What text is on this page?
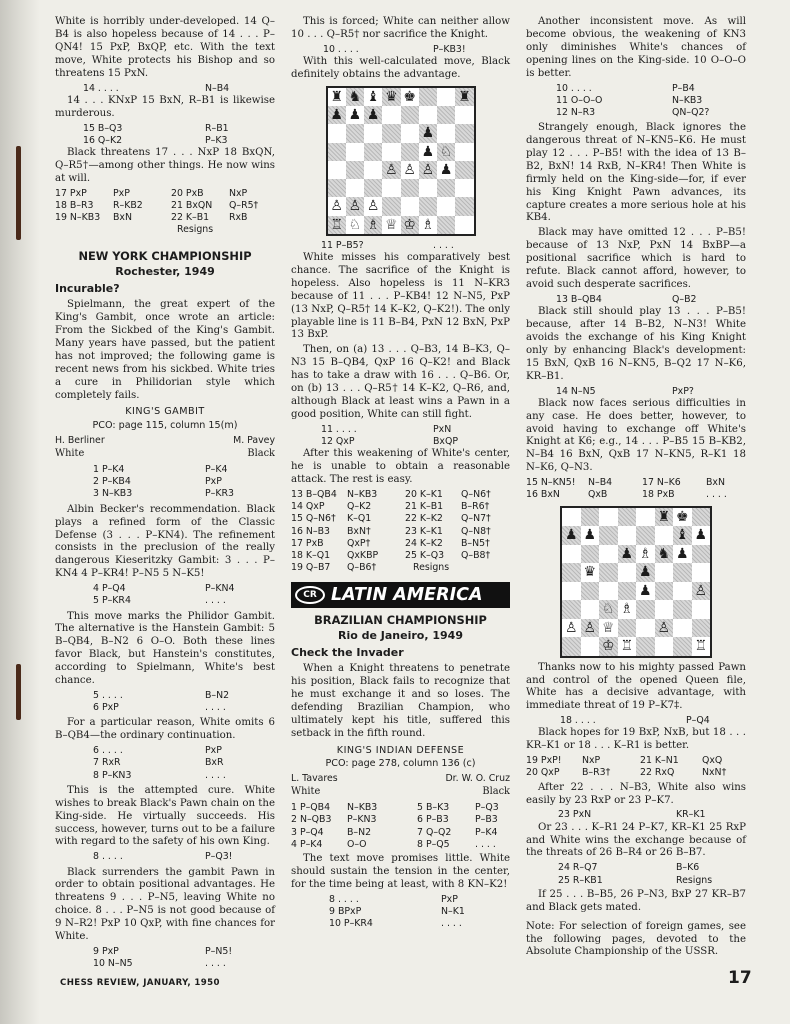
White is horribly under-developed. 14 Q–B4 is also hopeless because of 14 . . . P–QN4! 15 PxP, BxQP, etc. With the text move, White protects his Bishop and so threatens 15 PxN.

14 . . . .	N–B4

14 . . . KNxP 15 BxN, R–B1 is likewise murderous.

15 B–Q3	R–B1
16 Q–K2	P–K3

Black threatens 17 . . . NxP 18 BxQN, Q–R5†—among other things. He now wins at will.

17 PxP	PxP	20 PxB	NxP
18 B–R3	R–KB2	21 BxQN	Q–R5†
19 N–KB3	BxN	22 K–B1	RxB
Resigns
NEW YORK CHAMPIONSHIP
Rochester, 1949
Incurable?

Spielmann, the great expert of the King's Gambit, once wrote an article: From the Sickbed of the King's Gambit. Many years have passed, but the patient has not improved; the following game is recent news from his sickbed. White tries a cure in Philidorian style which completely fails.

KING'S GAMBIT
PCO: page 115, column 15(m)
H. Berliner	M. Pavey
White	Black
1 P–K4	P–K4
2 P–KB4	PxP
3 N–KB3	P–KR3

Albin Becker's recommendation. Black plays a refined form of the Classic Defense (3 . . . P–KN4). The refinement consists in the preclusion of the really dangerous Kieseritzky Gambit: 3 . . . P–KN4 4 P–KR4! P–N5 5 N–K5!

4 P–Q4	P–KN4
5 P–KR4	. . . .

This move marks the Philidor Gambit. The alternative is the Hanstein Gambit: 5 B–QB4, B–N2 6 O–O. Both these lines favor Black, but Hanstein's constitutes, according to Spielmann, White's best chance.

5 . . . .	B–N2
6 PxP	. . . .

For a particular reason, White omits 6 B–QB4—the ordinary continuation.

6 . . . .	PxP
7 RxR	BxR
8 P–KN3	. . . .

This is the attempted cure. White wishes to break Black's Pawn chain on the King-side. He virtually succeeds. His success, however, turns out to be a failure with regard to the safety of his own King.

8 . . . .	P–Q3!

Black surrenders the gambit Pawn in order to obtain positional advantages. He threatens 9 . . . P–N5, leaving White no choice. 8 . . . P–N5 is not good because of 9 N–R2! PxP 10 QxP, with fine chances for White.

9 PxP	P–N5!
10 N–N5	. . . .

This is forced; White can neither allow 10 . . . Q–R5† nor sacrifice the Knight.

10 . . . .	P–KB3!

With this well-calculated move, Black definitely obtains the advantage.

♜ ♞ ♝ ♛ ♚	♜
♟ ♟ ♟
♟
♟ ♘
♙ ♙ ♙ ♟
♙ ♙ ♙
♖ ♘ ♗ ♕ ♔ ♗
11 P–B5?	. . . .

White misses his comparatively best chance. The sacrifice of the Knight is hopeless. Also hopeless is 11 N–KR3 because of 11 . . . P–KB4! 12 N–N5, PxP (13 NxP, Q–R5† 14 K–K2, Q–K2!). The only playable line is 11 B–B4, PxN 12 BxN, PxP 13 BxP.

Then, on (a) 13 . . . Q–B3, 14 B–K3, Q–N3 15 B–QB4, QxP 16 Q–K2! and Black has to take a draw with 16 . . . Q–B6. Or, on (b) 13 . . . Q–R5† 14 K–K2, Q–R6, and, although Black at least wins a Pawn in a good position, White can still fight.

11 . . . .	PxN
12 QxP	BxQP

After this weakening of White's center, he is unable to obtain a reasonable attack. The rest is easy.

13 B–QB4	N–KB3	20 K–K1	Q–N6†
14 QxP	Q–K2	21 K–B1	B–R6†
15 Q–N6†	K–Q1	22 K–K2	Q–N7†
16 N–B3	BxN†	23 K–K1	Q–N8†
17 PxB	QxP†	24 K–K2	B–N5†
18 K–Q1	QxKBP	25 K–Q3	Q–B8†
19 Q–B7	Q–B6†	Resigns
CR LATIN AMERICA
BRAZILIAN CHAMPIONSHIP
Rio de Janeiro, 1949
Check the Invader

When a Knight threatens to penetrate his position, Black fails to recognize that he must exchange it and so loses. The defending Brazilian Champion, who ultimately kept his title, suffered this setback in the fifth round.

KING'S INDIAN DEFENSE
PCO: page 278, column 136 (c)
L. Tavares	Dr. W. O. Cruz
White	Black
1 P–QB4	N–KB3	5 B–K3	P–Q3
2 N–QB3	P–KN3	6 P–B3	P–B3
3 P–Q4	B–N2	7 Q–Q2	P–K4
4 P–K4	O–O	8 P–Q5	. . . .

The text move promises little. White should sustain the tension in the center, for the time being at least, with 8 KN–K2!

8 . . . .	PxP
9 BPxP	N–K1
10 P–KR4	. . . .

Another inconsistent move. As will become obvious, the weakening of KN3 only diminishes White's chances of opening lines on the King-side. 10 O–O–O is better.

10 . . . .	P–B4
11 O–O–O	N–KB3
12 N–R3	QN–Q2?

Strangely enough, Black ignores the dangerous threat of N–KN5–K6. He must play 12 . . . P–B5! with the idea of 13 B–B2, BxN! 14 RxB, N–KR4! Then White is firmly held on the King-side—for, if ever his King Knight Pawn advances, its capture creates a more serious hole at his KB4.

Black may have omitted 12 . . . P–B5! because of 13 NxP, PxN 14 BxBP—a positional sacrifice which is hard to refute. Black cannot afford, however, to avoid such desperate sacrifices.

13 B–QB4	Q–B2

Black still should play 13 . . . P–B5! because, after 14 B–B2, N–N3! White avoids the exchange of his King Knight only by enhancing Black's development: 15 BxN, QxB 16 N–KN5, B–Q2 17 N–K6, KR–B1.

14 N–N5	PxP?

Black now faces serious difficulties in any case. He does better, however, to avoid having to exchange off White's Knight at K6; e.g., 14 . . . P–B5 15 B–KB2, N–B4 16 BxN, QxB 17 N–KN5, R–K1 18 N–K6, Q–N3.

15 N–KN5!	N–B4	17 N–K6	BxN
16 BxN	QxB	18 PxB	. . . .
♜ ♚
♟ ♟	♝ ♟
♟ ♗ ♞ ♟
♛	♟
♟	♙
♘ ♗
♙ ♙ ♕	♙
♔ ♖	♖

Thanks now to his mighty passed Pawn and control of the opened Queen file, White has a decisive advantage, with immediate threat of 19 P–K7‡.

18 . . . .	P–Q4

Black hopes for 19 BxP, NxB, but 18 . . . KR–K1 or 18 . . . K–R1 is better.

19 PxP!	NxP	21 K–N1	QxQ
20 QxP	B–R3†	22 RxQ	NxN†

After 22 . . . N–B3, White also wins easily by 23 RxP or 23 P–K7.

23 PxN	KR–K1

Or 23 . . . K–R1 24 P–K7, KR–K1 25 RxP and White wins the exchange because of the threats of 26 B–R4 or 26 B–B7.

24 R–Q7	B–K6
25 R–KB1	Resigns

If 25 . . . B–B5, 26 P–N3, BxP 27 KR–B7 and Black gets mated.

Note: For selection of foreign games, see the following pages, devoted to the Absolute Championship of the USSR.

CHESS REVIEW, JANUARY, 1950	17
